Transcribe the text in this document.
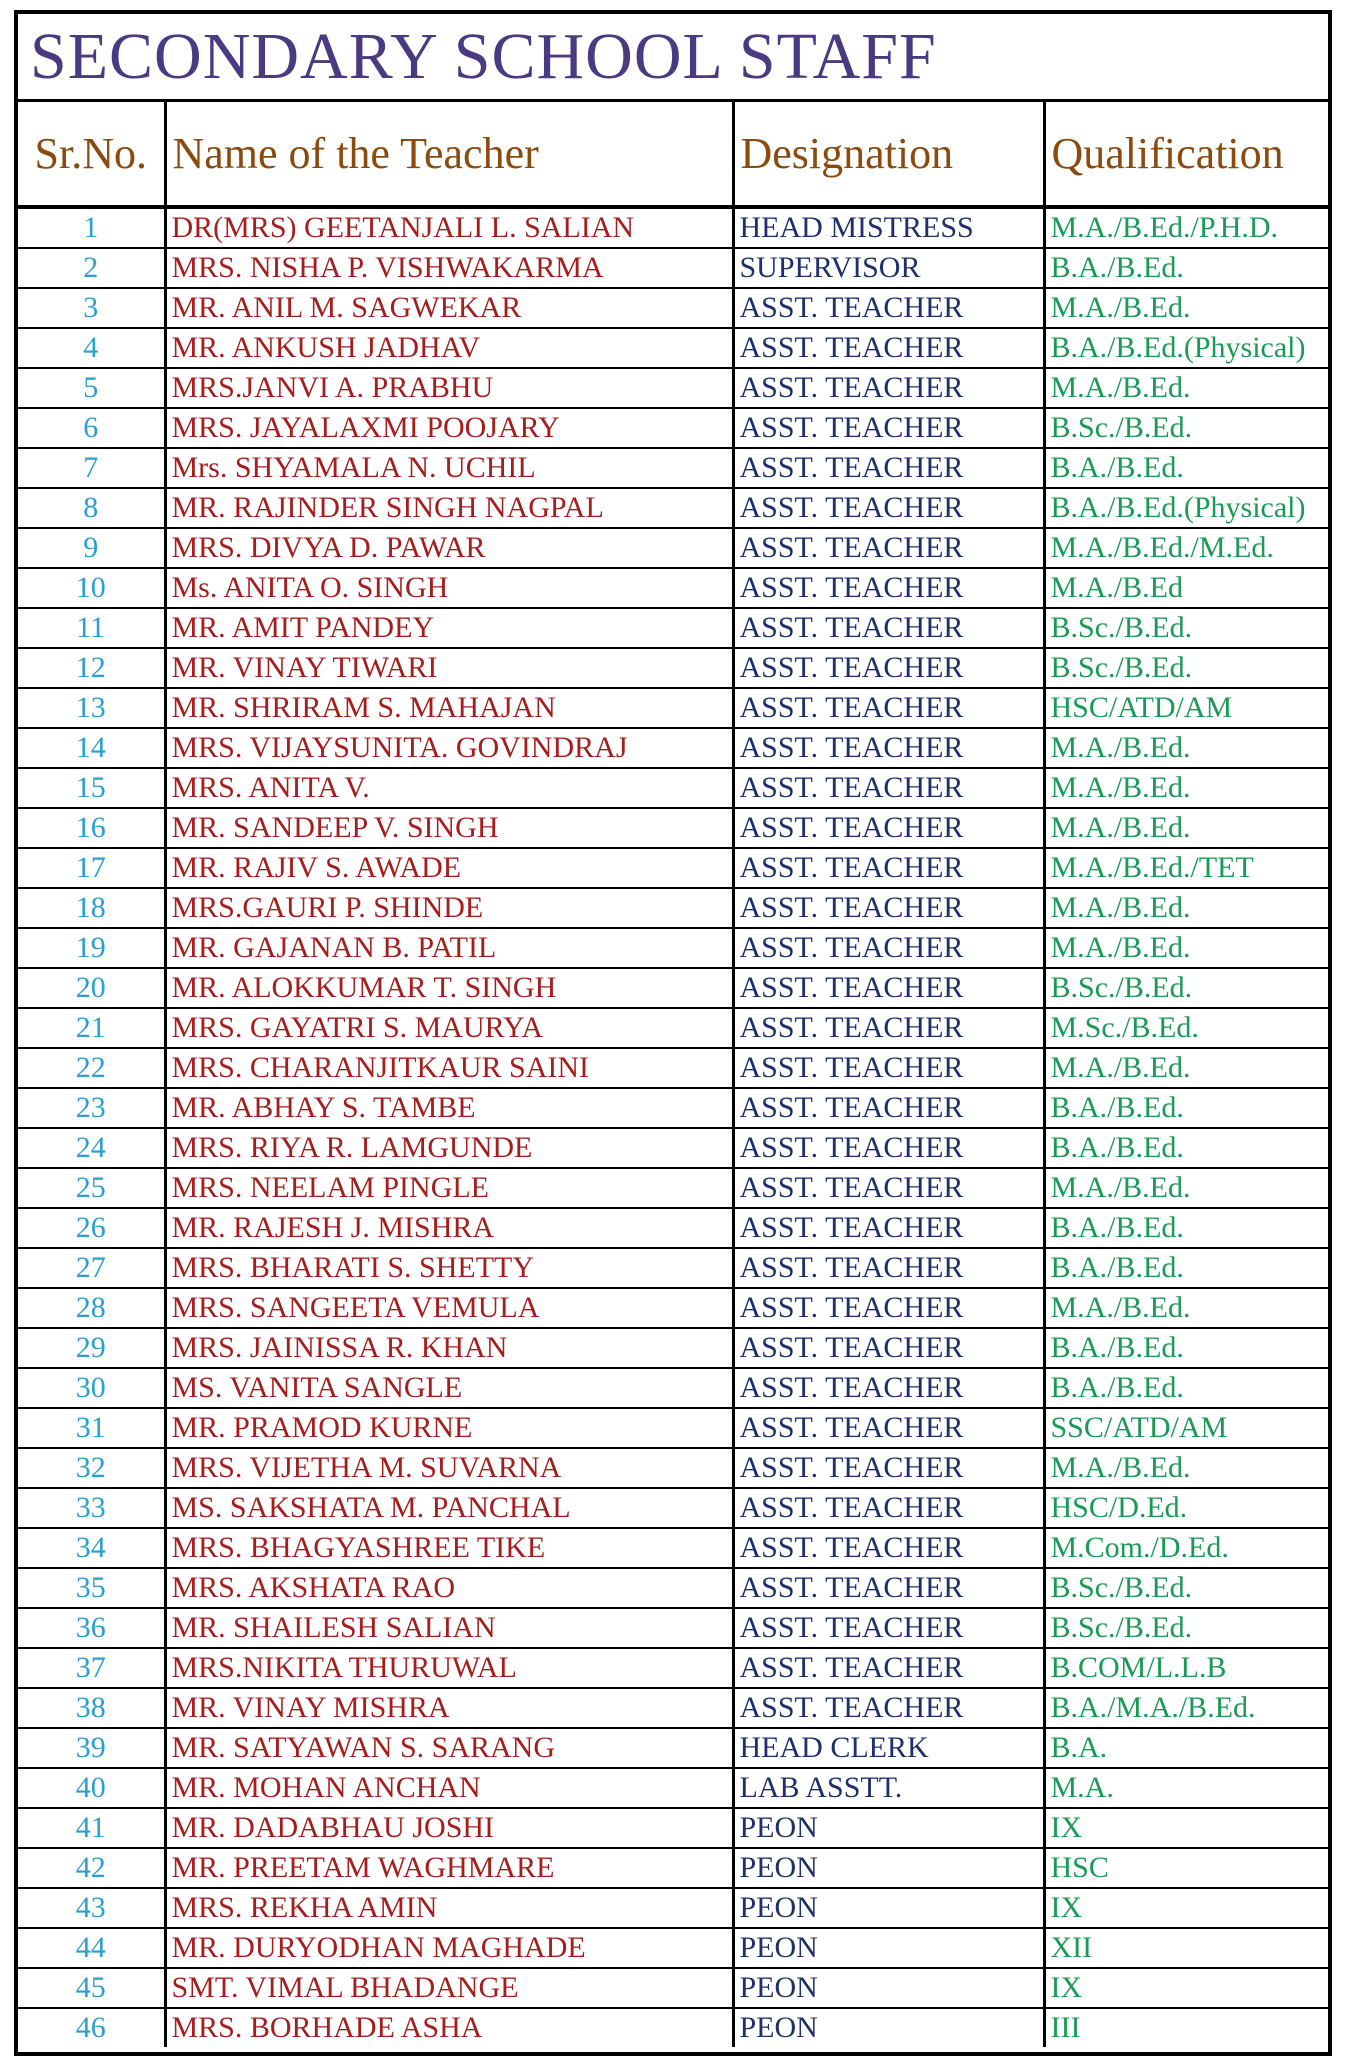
SECONDARY SCHOOL STAFF
Sr.No.	Name of the Teacher	Designation	Qualification
1	DR(MRS) GEETANJALI L. SALIAN	HEAD MISTRESS	M.A./B.Ed./P.H.D.
2	MRS. NISHA P. VISHWAKARMA	SUPERVISOR	B.A./B.Ed.
3	MR. ANIL M. SAGWEKAR	ASST. TEACHER	M.A./B.Ed.
4	MR. ANKUSH JADHAV	ASST. TEACHER	B.A./B.Ed.(Physical)
5	MRS.JANVI A. PRABHU	ASST. TEACHER	M.A./B.Ed.
6	MRS. JAYALAXMI POOJARY	ASST. TEACHER	B.Sc./B.Ed.
7	Mrs. SHYAMALA N. UCHIL	ASST. TEACHER	B.A./B.Ed.
8	MR. RAJINDER SINGH NAGPAL	ASST. TEACHER	B.A./B.Ed.(Physical)
9	MRS. DIVYA D. PAWAR	ASST. TEACHER	M.A./B.Ed./M.Ed.
10	Ms. ANITA O. SINGH	ASST. TEACHER	M.A./B.Ed
11	MR. AMIT PANDEY	ASST. TEACHER	B.Sc./B.Ed.
12	MR. VINAY TIWARI	ASST. TEACHER	B.Sc./B.Ed.
13	MR. SHRIRAM S. MAHAJAN	ASST. TEACHER	HSC/ATD/AM
14	MRS. VIJAYSUNITA. GOVINDRAJ	ASST. TEACHER	M.A./B.Ed.
15	MRS. ANITA V.	ASST. TEACHER	M.A./B.Ed.
16	MR. SANDEEP V. SINGH	ASST. TEACHER	M.A./B.Ed.
17	MR. RAJIV S. AWADE	ASST. TEACHER	M.A./B.Ed./TET
18	MRS.GAURI P. SHINDE	ASST. TEACHER	M.A./B.Ed.
19	MR. GAJANAN B. PATIL	ASST. TEACHER	M.A./B.Ed.
20	MR. ALOKKUMAR T. SINGH	ASST. TEACHER	B.Sc./B.Ed.
21	MRS. GAYATRI S. MAURYA	ASST. TEACHER	M.Sc./B.Ed.
22	MRS. CHARANJITKAUR SAINI	ASST. TEACHER	M.A./B.Ed.
23	MR. ABHAY S. TAMBE	ASST. TEACHER	B.A./B.Ed.
24	MRS. RIYA R. LAMGUNDE	ASST. TEACHER	B.A./B.Ed.
25	MRS. NEELAM PINGLE	ASST. TEACHER	M.A./B.Ed.
26	MR. RAJESH J. MISHRA	ASST. TEACHER	B.A./B.Ed.
27	MRS. BHARATI S. SHETTY	ASST. TEACHER	B.A./B.Ed.
28	MRS. SANGEETA VEMULA	ASST. TEACHER	M.A./B.Ed.
29	MRS. JAINISSA R. KHAN	ASST. TEACHER	B.A./B.Ed.
30	MS. VANITA SANGLE	ASST. TEACHER	B.A./B.Ed.
31	MR. PRAMOD KURNE	ASST. TEACHER	SSC/ATD/AM
32	MRS. VIJETHA M. SUVARNA	ASST. TEACHER	M.A./B.Ed.
33	MS. SAKSHATA M. PANCHAL	ASST. TEACHER	HSC/D.Ed.
34	MRS. BHAGYASHREE TIKE	ASST. TEACHER	M.Com./D.Ed.
35	MRS. AKSHATA RAO	ASST. TEACHER	B.Sc./B.Ed.
36	MR. SHAILESH SALIAN	ASST. TEACHER	B.Sc./B.Ed.
37	MRS.NIKITA THURUWAL	ASST. TEACHER	B.COM/L.L.B
38	MR. VINAY MISHRA	ASST. TEACHER	B.A./M.A./B.Ed.
39	MR. SATYAWAN S. SARANG	HEAD CLERK	B.A.
40	MR. MOHAN ANCHAN	LAB ASSTT.	M.A.
41	MR. DADABHAU JOSHI	PEON	IX
42	MR. PREETAM WAGHMARE	PEON	HSC
43	MRS. REKHA AMIN	PEON	IX
44	MR. DURYODHAN MAGHADE	PEON	XII
45	SMT. VIMAL BHADANGE	PEON	IX
46	MRS. BORHADE ASHA	PEON	III
